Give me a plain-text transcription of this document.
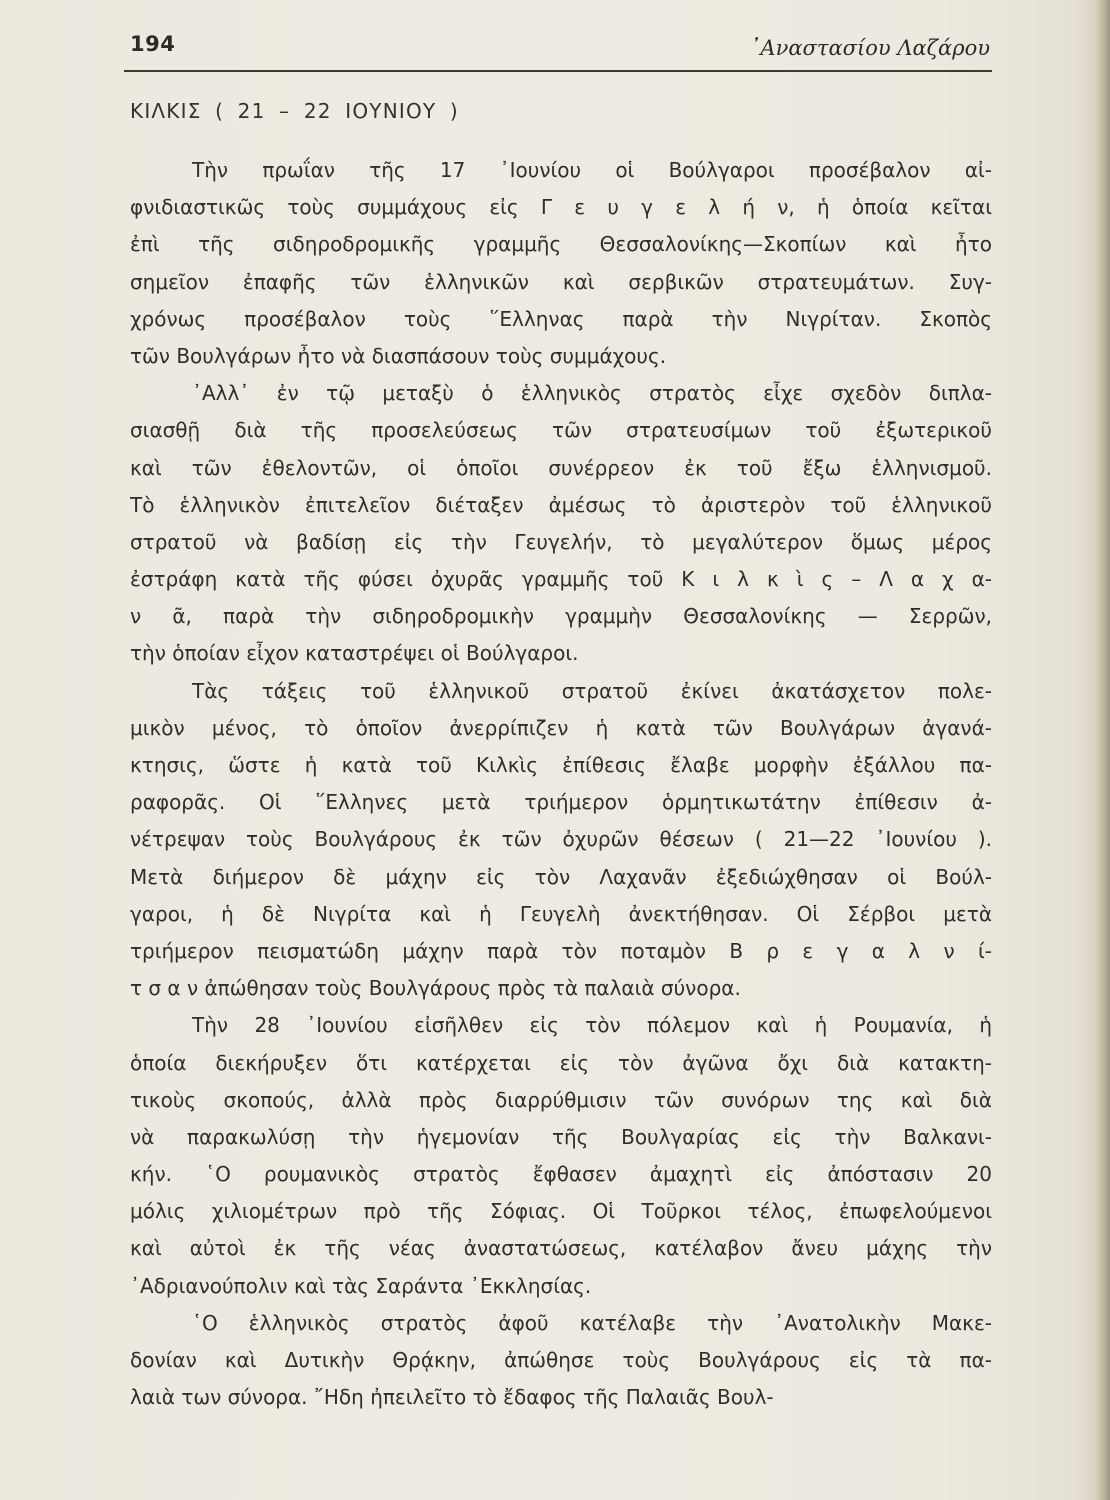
194	᾿Αναστασίου Λαζάρου
ΚΙΛΚΙΣ ( 21 – 22 ΙΟΥΝΙΟΥ )

Τὴν πρωΐαν τῆς 17 ᾿Ιουνίου οἱ Βούλγαροι προσέβαλον αἰ-
φνιδιαστικῶς τοὺς συμμάχους εἰς Γ ε υ γ ε λ ή ν, ἡ ὁποία κεῖται
ἐπὶ τῆς σιδηροδρομικῆς γραμμῆς Θεσσαλονίκης—Σκοπίων καὶ ἦτο
σημεῖον ἐπαφῆς τῶν ἑλληνικῶν καὶ σερβικῶν στρατευμάτων. Συγ-
χρόνως προσέβαλον τοὺς ῞Ελληνας παρὰ τὴν Νιγρίταν. Σκοπὸς
τῶν Βουλγάρων ἦτο νὰ διασπάσουν τοὺς συμμάχους.

᾿Αλλ᾿ ἐν τῷ μεταξὺ ὁ ἑλληνικὸς στρατὸς εἶχε σχεδὸν διπλα-
σιασθῇ διὰ τῆς προσελεύσεως τῶν στρατευσίμων τοῦ ἐξωτερικοῦ
καὶ τῶν ἐθελοντῶν, οἱ ὁποῖοι συνέρρεον ἐκ τοῦ ἔξω ἑλληνισμοῦ.
Τὸ ἑλληνικὸν ἐπιτελεῖον διέταξεν ἀμέσως τὸ ἀριστερὸν τοῦ ἑλληνικοῦ
στρατοῦ νὰ βαδίσῃ εἰς τὴν Γευγελήν, τὸ μεγαλύτερον ὅμως μέρος
ἐστράφη κατὰ τῆς φύσει ὀχυρᾶς γραμμῆς τοῦ Κ ι λ κ ὶ ς – Λ α χ α-
ν ᾶ, παρὰ τὴν σιδηροδρομικὴν γραμμὴν Θεσσαλονίκης — Σερρῶν,
τὴν ὁποίαν εἶχον καταστρέψει οἱ Βούλγαροι.

Τὰς τάξεις τοῦ ἑλληνικοῦ στρατοῦ ἐκίνει ἀκατάσχετον πολε-
μικὸν μένος, τὸ ὁποῖον ἀνερρίπιζεν ἡ κατὰ τῶν Βουλγάρων ἀγανά-
κτησις, ὥστε ἡ κατὰ τοῦ Κιλκὶς ἐπίθεσις ἔλαβε μορφὴν ἐξάλλου πα-
ραφορᾶς. Οἱ ῞Ελληνες μετὰ τριήμερον ὁρμητικωτάτην ἐπίθεσιν ἀ-
νέτρεψαν τοὺς Βουλγάρους ἐκ τῶν ὀχυρῶν θέσεων ( 21—22 ᾿Ιουνίου ).
Μετὰ διήμερον δὲ μάχην εἰς τὸν Λαχανᾶν ἐξεδιώχθησαν οἱ Βούλ-
γαροι, ἡ δὲ Νιγρίτα καὶ ἡ Γευγελὴ ἀνεκτήθησαν. Οἱ Σέρβοι μετὰ
τριήμερον πεισματώδη μάχην παρὰ τὸν ποταμὸν Β ρ ε γ α λ ν ί-
τ σ α ν ἀπώθησαν τοὺς Βουλγάρους πρὸς τὰ παλαιὰ σύνορα.

Τὴν 28 ᾿Ιουνίου εἰσῆλθεν εἰς τὸν πόλεμον καὶ ἡ Ρουμανία, ἡ
ὁποία διεκήρυξεν ὅτι κατέρχεται εἰς τὸν ἀγῶνα ὄχι διὰ κατακτη-
τικοὺς σκοπούς, ἀλλὰ πρὸς διαρρύθμισιν τῶν συνόρων της καὶ διὰ
νὰ παρακωλύσῃ τὴν ἡγεμονίαν τῆς Βουλγαρίας εἰς τὴν Βαλκανι-
κήν. ῾Ο ρουμανικὸς στρατὸς ἔφθασεν ἀμαχητὶ εἰς ἀπόστασιν 20
μόλις χιλιομέτρων πρὸ τῆς Σόφιας. Οἱ Τοῦρκοι τέλος, ἐπωφελούμενοι
καὶ αὐτοὶ ἐκ τῆς νέας ἀναστατώσεως, κατέλαβον ἄνευ μάχης τὴν
᾿Αδριανούπολιν καὶ τὰς Σαράντα ᾿Εκκλησίας.

῾Ο ἑλληνικὸς στρατὸς ἀφοῦ κατέλαβε τὴν ᾿Ανατολικὴν Μακε-
δονίαν καὶ Δυτικὴν Θρᾴκην, ἀπώθησε τοὺς Βουλγάρους εἰς τὰ πα-
λαιὰ των σύνορα. ῎Ηδη ἠπειλεῖτο τὸ ἔδαφος τῆς Παλαιᾶς Βουλ-
